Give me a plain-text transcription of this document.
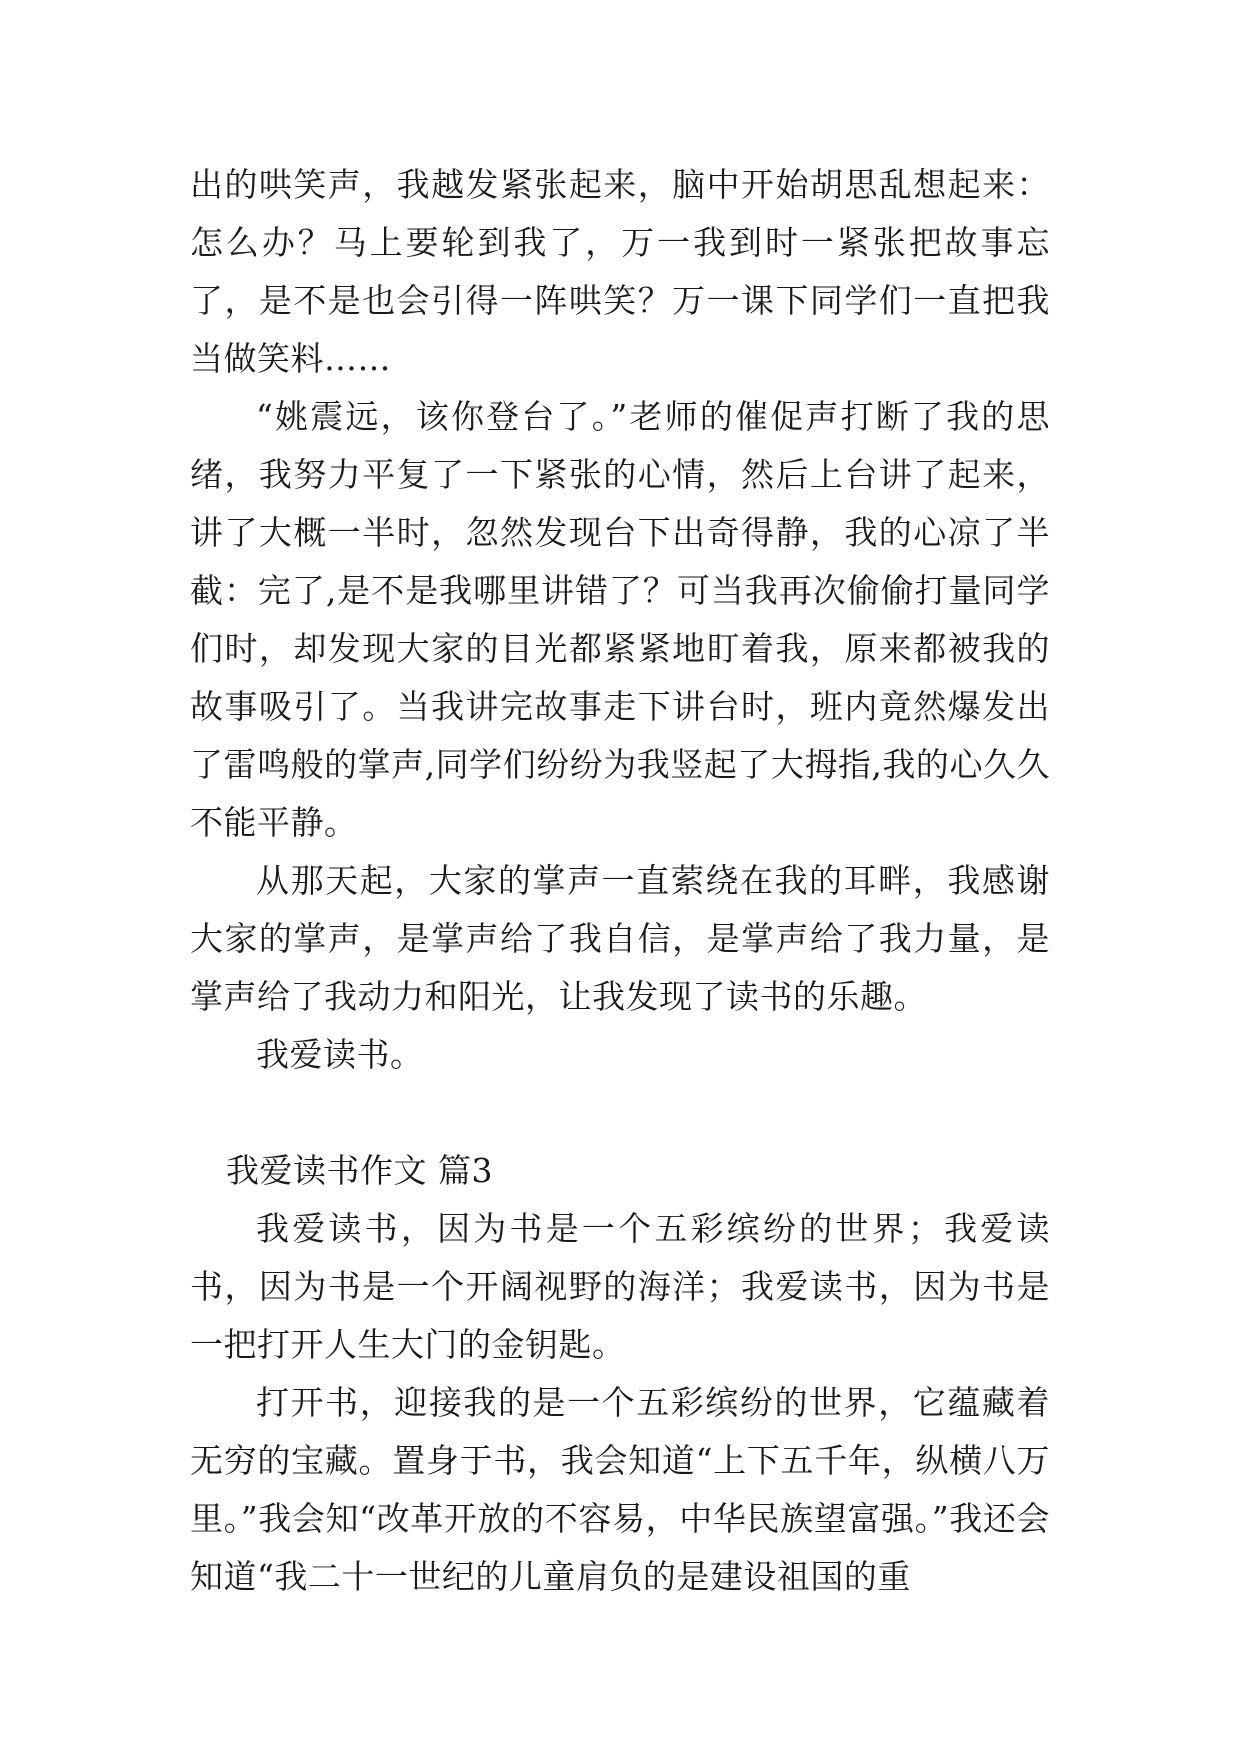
出的哄笑声，我越发紧张起来，脑中开始胡思乱想起来：怎么办？马上要轮到我了，万一我到时一紧张把故事忘了，是不是也会引得一阵哄笑？万一课下同学们一直把我当做笑料……

“姚震远，该你登台了。”老师的催促声打断了我的思绪，我努力平复了一下紧张的心情，然后上台讲了起来，讲了大概一半时，忽然发现台下出奇得静，我的心凉了半截：完了,是不是我哪里讲错了？可当我再次偷偷打量同学们时，却发现大家的目光都紧紧地盯着我，原来都被我的故事吸引了。当我讲完故事走下讲台时，班内竟然爆发出了雷鸣般的掌声,同学们纷纷为我竖起了大拇指,我的心久久不能平静。

从那天起，大家的掌声一直萦绕在我的耳畔，我感谢大家的掌声，是掌声给了我自信，是掌声给了我力量，是掌声给了我动力和阳光，让我发现了读书的乐趣。

我爱读书。

我爱读书作文 篇3

我爱读书，因为书是一个五彩缤纷的世界；我爱读书，因为书是一个开阔视野的海洋；我爱读书，因为书是一把打开人生大门的金钥匙。

打开书，迎接我的是一个五彩缤纷的世界，它蕴藏着无穷的宝藏。置身于书，我会知道“上下五千年，纵横八万里。”我会知“改革开放的不容易，中华民族望富强。”我还会知道“我二十一世纪的儿童肩负的是建设祖国的重
